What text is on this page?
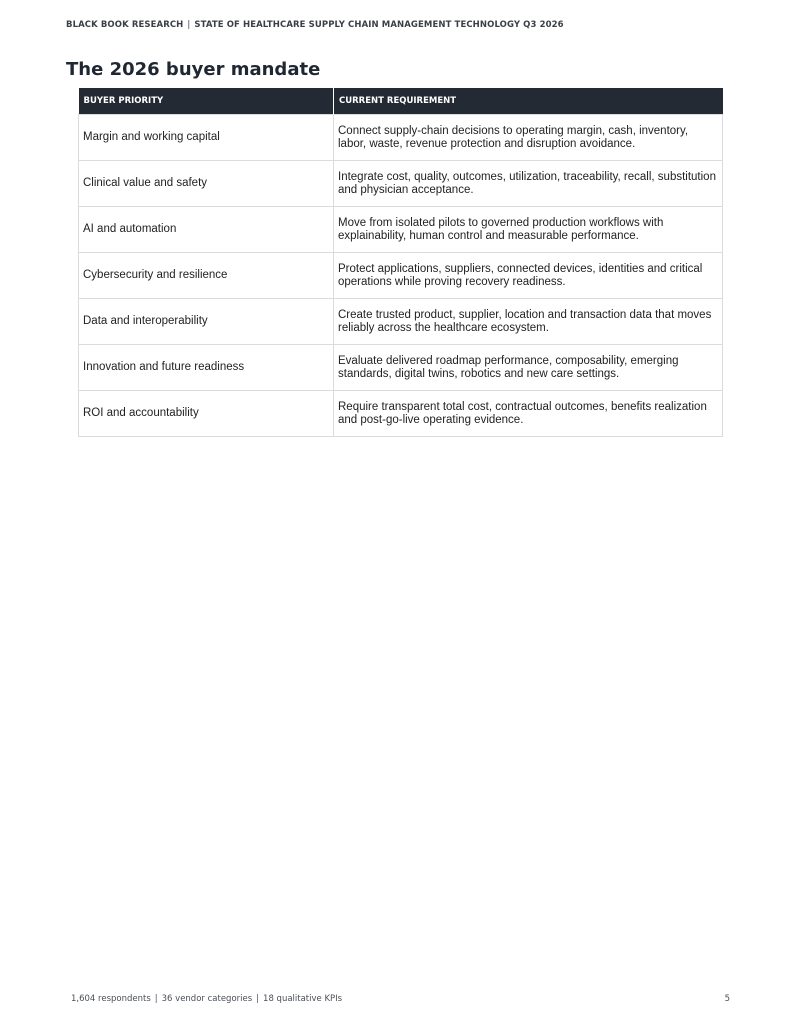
BLACK BOOK RESEARCH | STATE OF HEALTHCARE SUPPLY CHAIN MANAGEMENT TECHNOLOGY Q3 2026
The 2026 buyer mandate
BUYER PRIORITY	CURRENT REQUIREMENT
Margin and working capital	Connect supply-chain decisions to operating margin, cash, inventory, labor, waste, revenue protection and disruption avoidance.
Clinical value and safety	Integrate cost, quality, outcomes, utilization, traceability, recall, substitution and physician acceptance.
AI and automation	Move from isolated pilots to governed production workflows with explainability, human control and measurable performance.
Cybersecurity and resilience	Protect applications, suppliers, connected devices, identities and critical operations while proving recovery readiness.
Data and interoperability	Create trusted product, supplier, location and transaction data that moves reliably across the healthcare ecosystem.
Innovation and future readiness	Evaluate delivered roadmap performance, composability, emerging standards, digital twins, robotics and new care settings.
ROI and accountability	Require transparent total cost, contractual outcomes, benefits realization and post-go-live operating evidence.
1,604 respondents | 36 vendor categories | 18 qualitative KPIs	5
